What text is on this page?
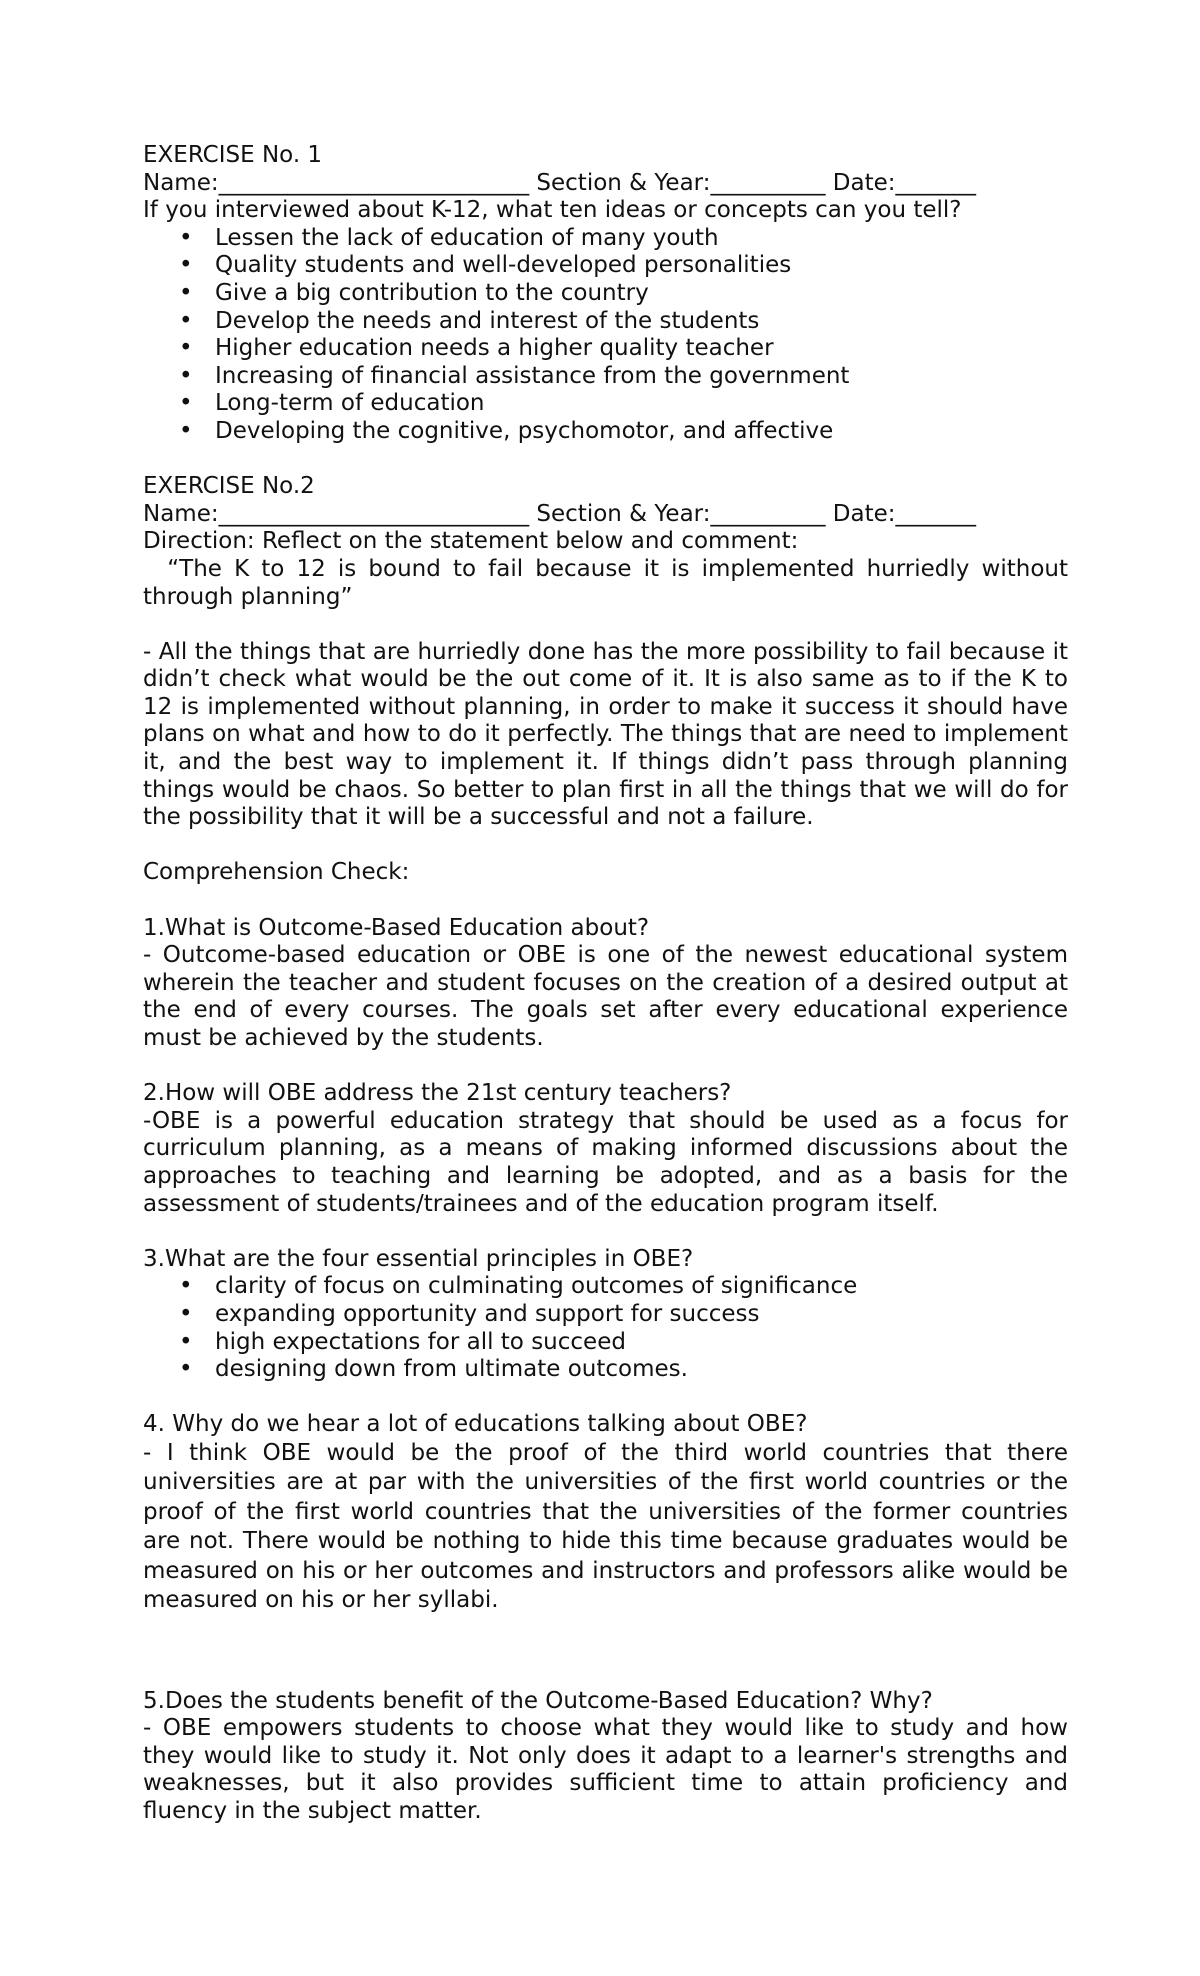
EXERCISE No. 1

Name:___________________________ Section & Year:__________ Date:_______

If you interviewed about K-12, what ten ideas or concepts can you tell?

• Lessen the lack of education of many youth
• Quality students and well-developed personalities
• Give a big contribution to the country
• Develop the needs and interest of the students
• Higher education needs a higher quality teacher
• Increasing of financial assistance from the government
• Long-term of education
• Developing the cognitive, psychomotor, and affective

EXERCISE No.2

Name:___________________________ Section & Year:__________ Date:_______

Direction: Reflect on the statement below and comment:

“The K to 12 is bound to fail because it is implemented hurriedly without through planning”

- All the things that are hurriedly done has the more possibility to fail because it didn’t check what would be the out come of it. It is also same as to if the K to 12 is implemented without planning, in order to make it success it should have plans on what and how to do it perfectly. The things that are need to implement it, and the best way to implement it. If things didn’t pass through planning things would be chaos. So better to plan first in all the things that we will do for the possibility that it will be a successful and not a failure.

Comprehension Check:

1.What is Outcome-Based Education about?

- Outcome-based education or OBE is one of the newest educational system wherein the teacher and student focuses on the creation of a desired output at the end of every courses. The goals set after every educational experience must be achieved by the students.

2.How will OBE address the 21st century teachers?

-OBE is a powerful education strategy that should be used as a focus for curriculum planning, as a means of making informed discussions about the approaches to teaching and learning be adopted, and as a basis for the assessment of students/trainees and of the education program itself.

3.What are the four essential principles in OBE?

• clarity of focus on culminating outcomes of significance
• expanding opportunity and support for success
• high expectations for all to succeed
• designing down from ultimate outcomes.

4. Why do we hear a lot of educations talking about OBE?

- I think OBE would be the proof of the third world countries that there universities are at par with the universities of the first world countries or the proof of the first world countries that the universities of the former countries are not. There would be nothing to hide this time because graduates would be measured on his or her outcomes and instructors and professors alike would be measured on his or her syllabi.

5.Does the students benefit of the Outcome-Based Education? Why?

- OBE empowers students to choose what they would like to study and how they would like to study it. Not only does it adapt to a learner's strengths and weaknesses, but it also provides sufficient time to attain proficiency and fluency in the subject matter.
